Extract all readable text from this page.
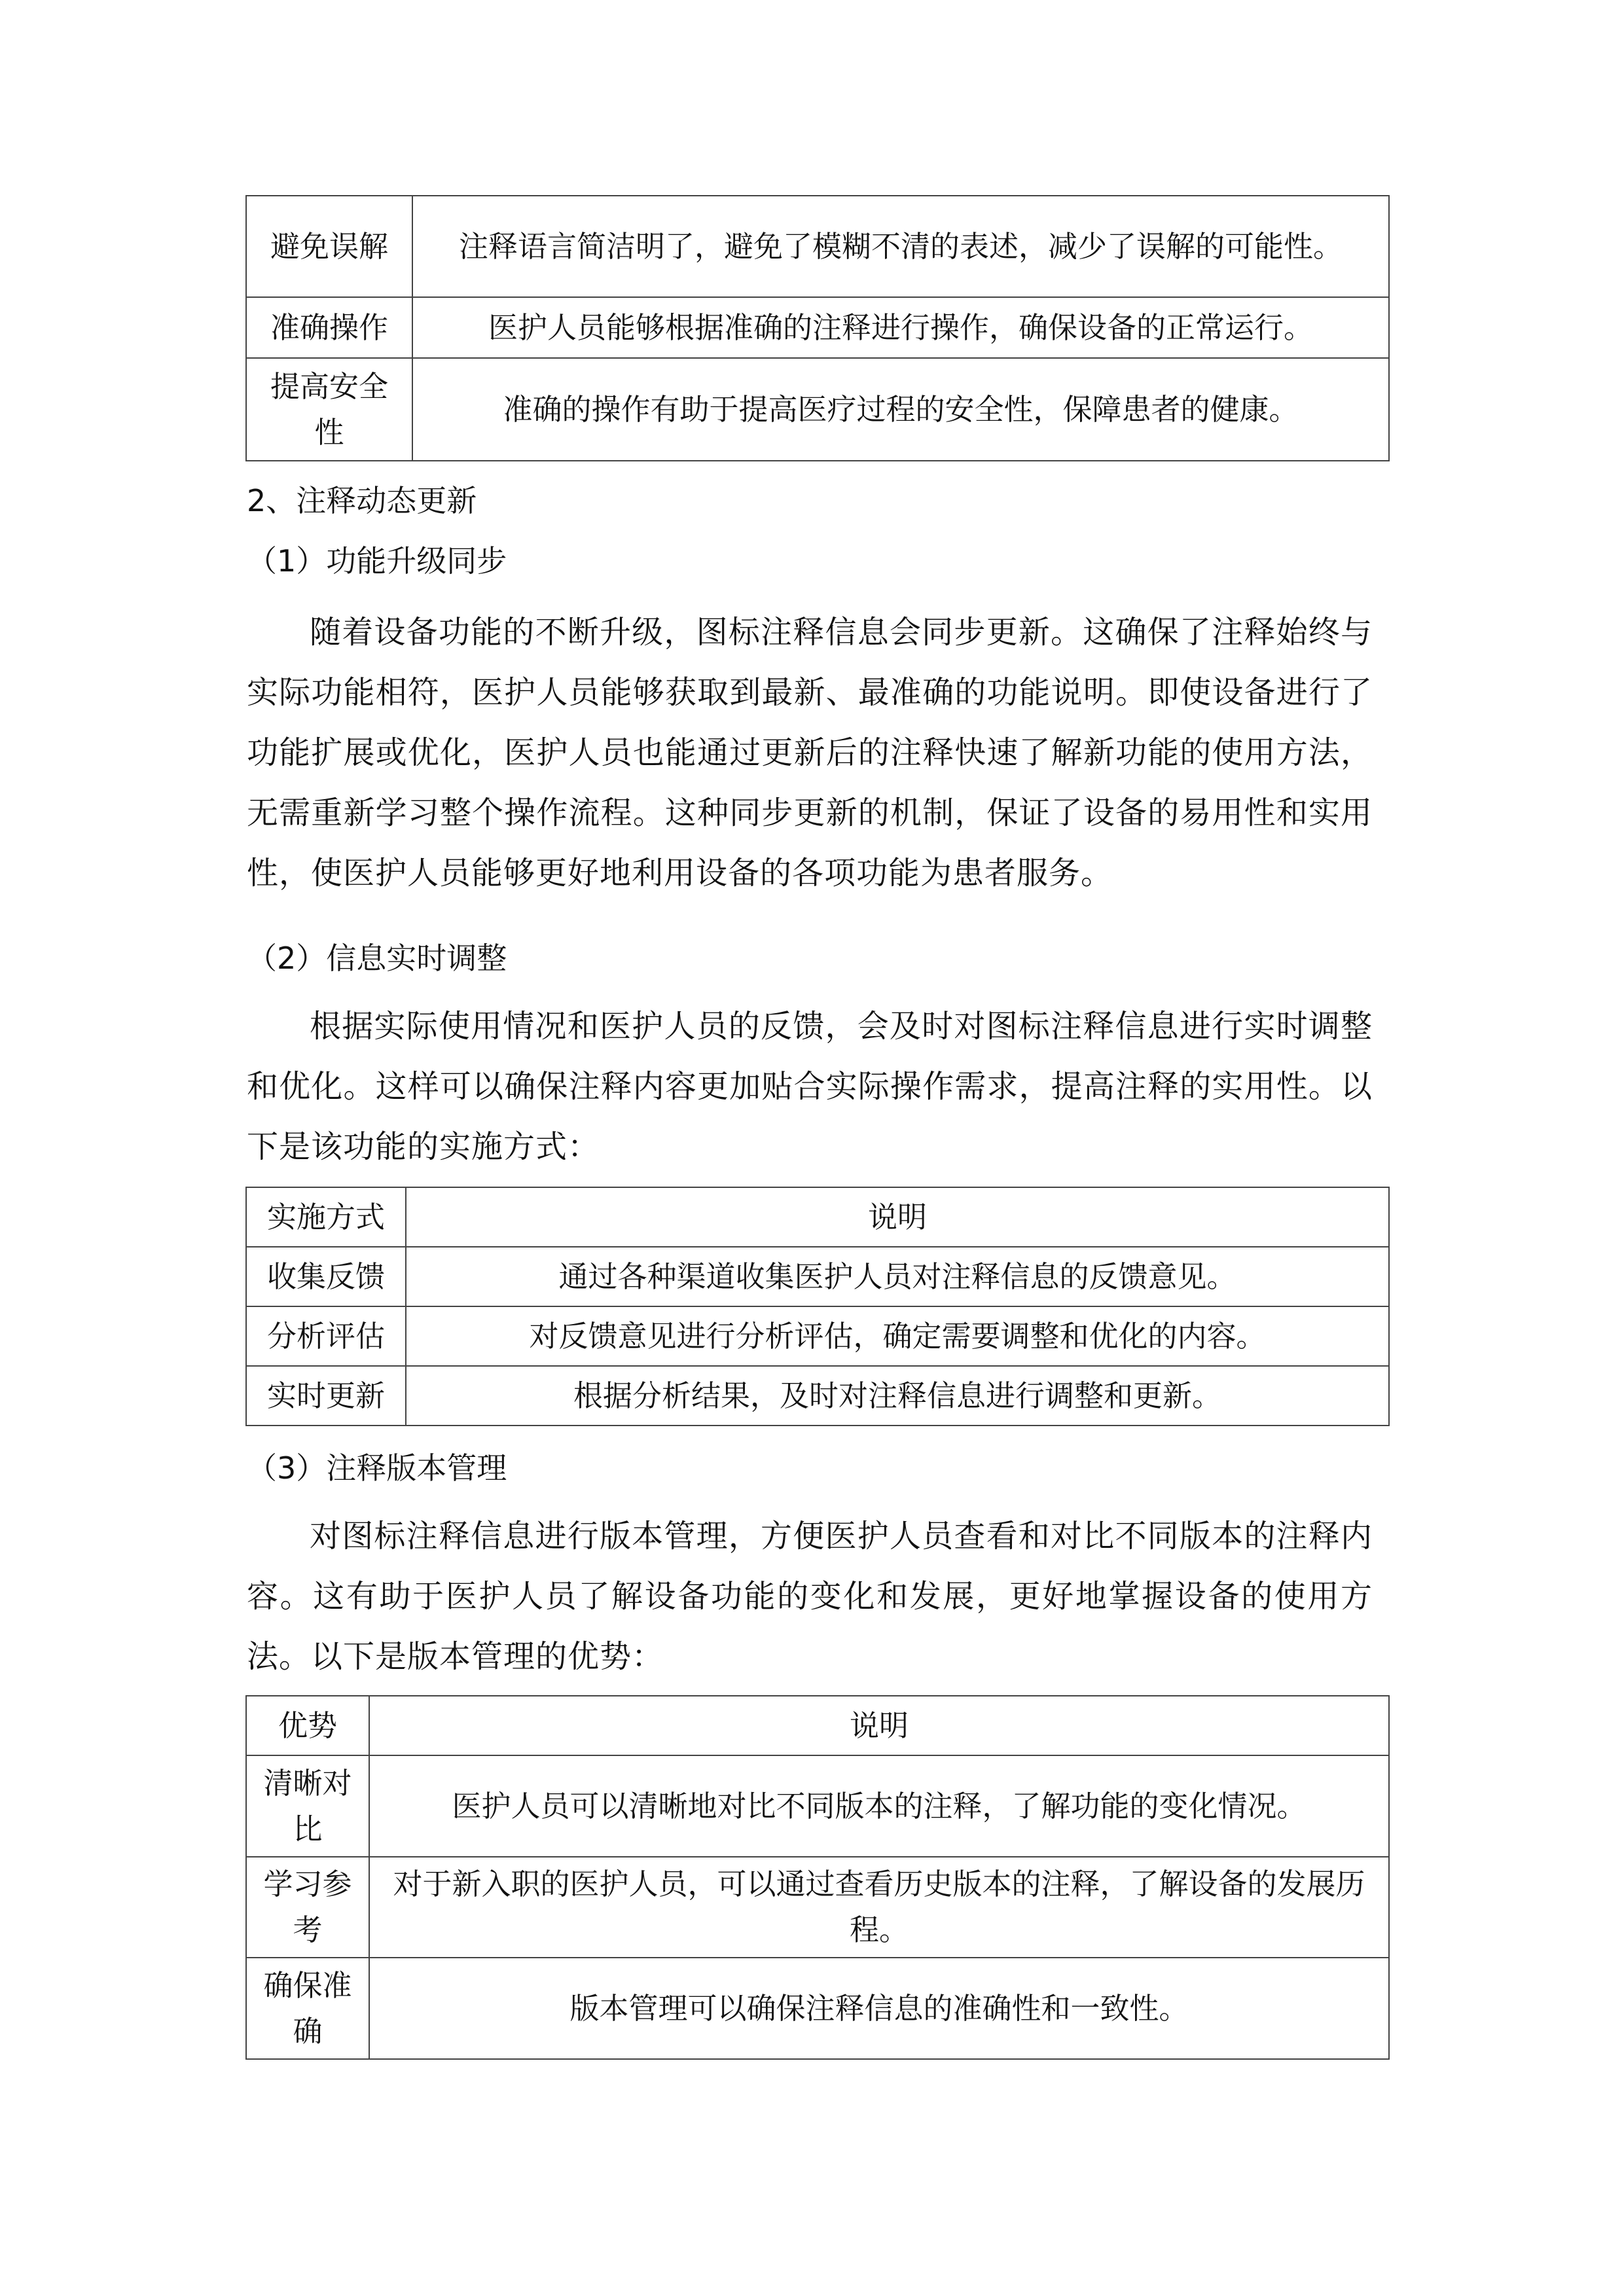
避免误解	注释语言简洁明了，避免了模糊不清的表述，减少了误解的可能性。
准确操作	医护人员能够根据准确的注释进行操作，确保设备的正常运行。
提高安全性	准确的操作有助于提高医疗过程的安全性，保障患者的健康。
2、注释动态更新
（1）功能升级同步
随着设备功能的不断升级，图标注释信息会同步更新。这确保了注释始终与实际功能相符，医护人员能够获取到最新、最准确的功能说明。即使设备进行了功能扩展或优化，医护人员也能通过更新后的注释快速了解新功能的使用方法，无需重新学习整个操作流程。这种同步更新的机制，保证了设备的易用性和实用性，使医护人员能够更好地利用设备的各项功能为患者服务。
（2）信息实时调整
根据实际使用情况和医护人员的反馈，会及时对图标注释信息进行实时调整和优化。这样可以确保注释内容更加贴合实际操作需求，提高注释的实用性。以下是该功能的实施方式：
实施方式	说明
收集反馈	通过各种渠道收集医护人员对注释信息的反馈意见。
分析评估	对反馈意见进行分析评估，确定需要调整和优化的内容。
实时更新	根据分析结果，及时对注释信息进行调整和更新。
（3）注释版本管理
对图标注释信息进行版本管理，方便医护人员查看和对比不同版本的注释内容。这有助于医护人员了解设备功能的变化和发展，更好地掌握设备的使用方法。以下是版本管理的优势：
优势	说明
清晰对比	医护人员可以清晰地对比不同版本的注释，了解功能的变化情况。
学习参考	对于新入职的医护人员，可以通过查看历史版本的注释，了解设备的发展历程。
确保准确	版本管理可以确保注释信息的准确性和一致性。
